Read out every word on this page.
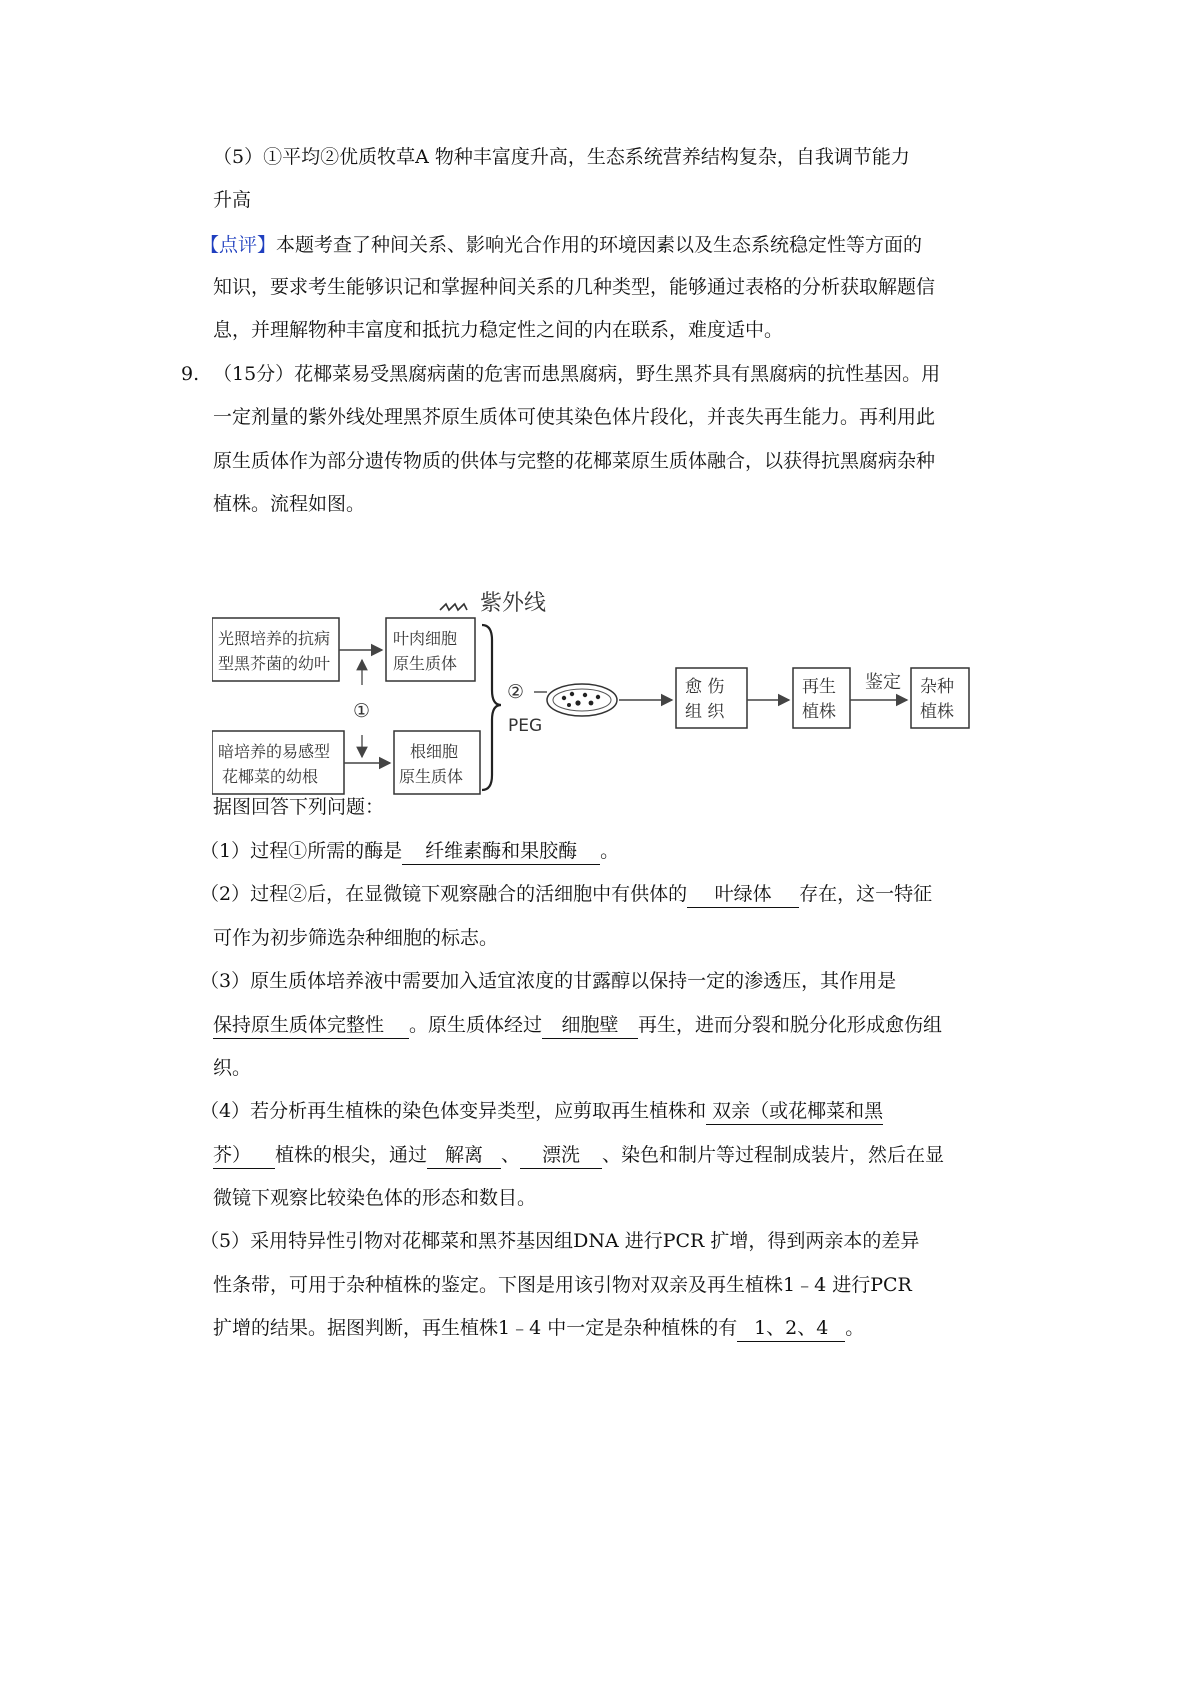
（5）①平均②优质牧草A 物种丰富度升高，生态系统营养结构复杂，自我调节能力
升高
【点评】本题考查了种间关系、影响光合作用的环境因素以及生态系统稳定性等方面的
知识，要求考生能够识记和掌握种间关系的几种类型，能够通过表格的分析获取解题信
息，并理解物种丰富度和抵抗力稳定性之间的内在联系，难度适中。
9. （15分）花椰菜易受黑腐病菌的危害而患黑腐病，野生黑芥具有黑腐病的抗性基因。用
一定剂量的紫外线处理黑芥原生质体可使其染色体片段化，并丧失再生能力。再利用此
原生质体作为部分遗传物质的供体与完整的花椰菜原生质体融合，以获得抗黑腐病杂种
植株。流程如图。
紫外线
光照培养的抗病
型黑芥菌的幼叶
暗培养的易感型
花椰菜的幼根
①
叶肉细胞
原生质体
根细胞
原生质体
②
PEG
愈 伤
组 织
再生
植株
鉴定 杂种
植株
据图回答下列问题：
（1）过程①所需的酶是 纤维素酶和果胶酶 。
（2）过程②后，在显微镜下观察融合的活细胞中有供体的 叶绿体 存在，这一特征
可作为初步筛选杂种细胞的标志。
（3）原生质体培养液中需要加入适宜浓度的甘露醇以保持一定的渗透压，其作用是
保持原生质体完整性 。原生质体经过 细胞壁 再生，进而分裂和脱分化形成愈伤组
织。
（4）若分析再生植株的染色体变异类型，应剪取再生植株和 双亲（或花椰菜和黑
芥） 植株的根尖，通过 解离 、 漂洗 、染色和制片等过程制成装片，然后在显
微镜下观察比较染色体的形态和数目。
（5）采用特异性引物对花椰菜和黑芥基因组DNA 进行PCR 扩增，得到两亲本的差异
性条带，可用于杂种植株的鉴定。下图是用该引物对双亲及再生植株1﹣4 进行PCR
扩增的结果。据图判断，再生植株1﹣4 中一定是杂种植株的有 1、2、4 。
